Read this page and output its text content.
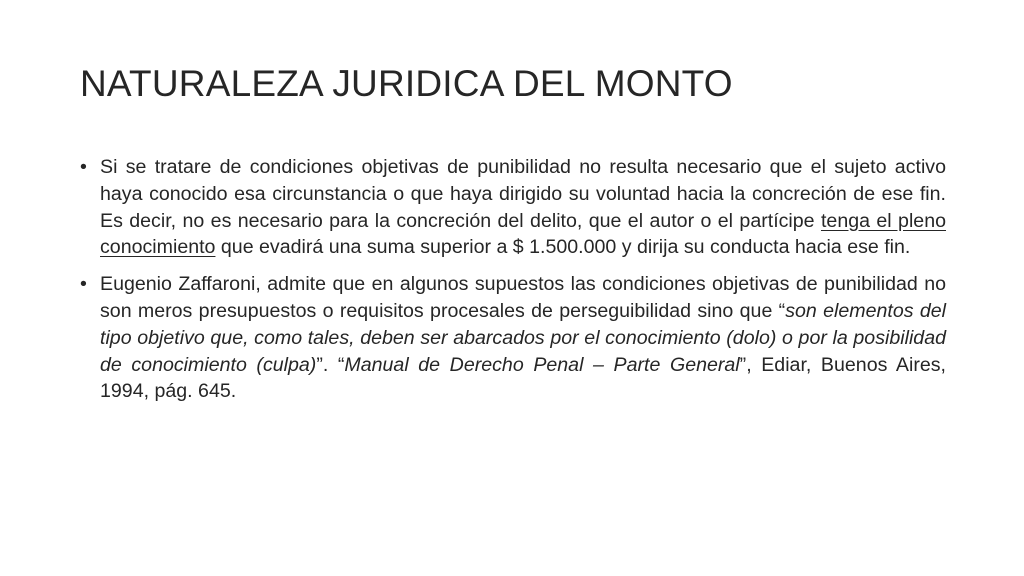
NATURALEZA JURIDICA DEL MONTO
• Si se tratare de condiciones objetivas de punibilidad no resulta necesario que el sujeto activo haya conocido esa circunstancia o que haya dirigido su voluntad hacia la concreción de ese fin. Es decir, no es necesario para la concreción del delito, que el autor o el partícipe tenga el pleno conocimiento que evadirá una suma superior a $ 1.500.000 y dirija su conducta hacia ese fin.
• Eugenio Zaffaroni, admite que en algunos supuestos las condiciones objetivas de punibilidad no son meros presupuestos o requisitos procesales de perseguibilidad sino que “son elementos del tipo objetivo que, como tales, deben ser abarcados por el conocimiento (dolo) o por la posibilidad de conocimiento (culpa)”. “Manual de Derecho Penal – Parte General”, Ediar, Buenos Aires, 1994, pág. 645.
